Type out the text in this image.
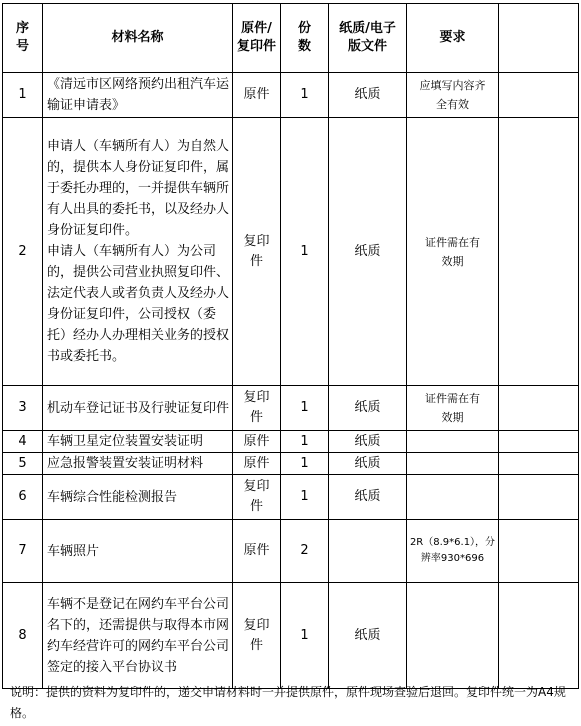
序号	材料名称	原件/复印件	份数	纸质/电子版文件	要求	
1	《清远市区网络预约出租汽车运输证申请表》	原件	1	纸质	应填写内容齐全有效	
2	申请人（车辆所有人）为自然人的，提供本人身份证复印件，属于委托办理的，一并提供车辆所有人出具的委托书，以及经办人身份证复印件。
申请人（车辆所有人）为公司的，提供公司营业执照复印件、法定代表人或者负责人及经办人身份证复印件，公司授权（委托）经办人办理相关业务的授权书或委托书。	复印件	1	纸质	证件需在有效期	
3	机动车登记证书及行驶证复印件	复印件	1	纸质	证件需在有效期	
4	车辆卫星定位装置安装证明	原件	1	纸质		
5	应急报警装置安装证明材料	原件	1	纸质		
6	车辆综合性能检测报告	复印件	1	纸质		
7	车辆照片	原件	2		2R（8.9*6.1），分辨率930*696	
8	车辆不是登记在网约车平台公司名下的，还需提供与取得本市网约车经营许可的网约车平台公司签定的接入平台协议书	复印件	1	纸质		
说明：提供的资料为复印件的，递交申请材料时一并提供原件，原件现场查验后退回。复印件统一为A4规格。
